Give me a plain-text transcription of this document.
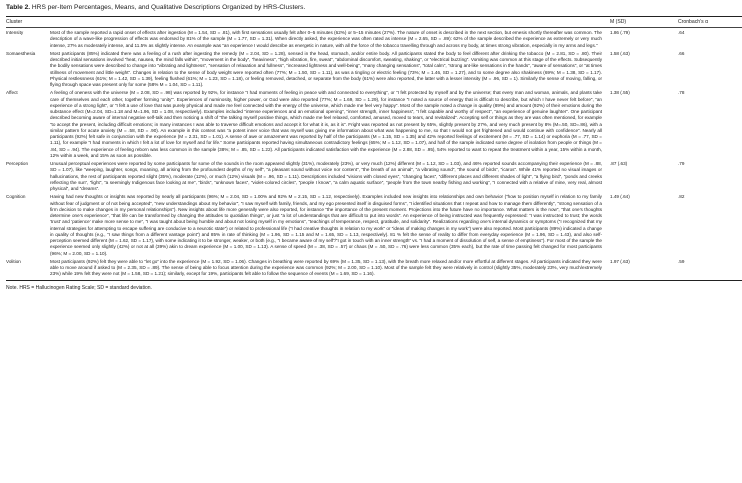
Table 2. HRS per-Item Percentages, Means, and Qualitative Descriptions Organized by HRS-Clusters.
Cluster		M (SD)	Cronbach’s α
Intensity	Most of the sample reported a rapid onset of effects after ingestion (M = 1.54, SD = .81), with first sensations usually felt after 0–5 minutes (62%) or 5–15 minutes (27%). The nature of onset is described in the next section, but emesis shortly thereafter was common. The description of a wave-like progression of effects was endorsed by 81% of the sample (M = 1.77, SD = 1.31). When directly asked, the experience was often rated as intense (M = 2.65, SD = .89): 62% of the sample described the experience as extremely or very much intense, 27% as moderately intense, and 11.5% as slightly intense. An example was “an experience I would describe as energetic in nature, with all the force of the tobacco travelling through and across my body, at times strong vibration, especially in my arms and legs.”	1.86 (.79)	.64
Somaesthesia	Most participants (85%) indicated there was a feeling of a rush after ingesting the remedy (M = 2.04, SD = 1.28), sensed in the head, stomach, and/or entire body. All participants stated the body to feel different after drinking the tobacco (M = 2.81, SD = .80). Their described initial sensations involved “heat, nausea, the mind falls within”, “movement in the body”, “heaviness”, “high vibration, fire, sweat”, “abdominal discomfort, sweating, shaking”, or “electrical buzzing”. Vomiting was common at this stage of the effects. Subsequently the bodily sensations were described to change into “vibrating and lightness”, “sensation of relaxation and fullness”, “increased lightness and well-being”, “many changing sensations”, “total calm”, “strong ant-like sensations in the hands”, “aware of sensations”, or “at times stillness of movement and little weight”. Changes in relation to the sense of body weight were reported often (77%; M = 1.50, SD = 1.11), as was a tingling or electric feeling (73%; M = 1.46, SD = 1.27), and to some degree also shakiness (69%; M = 1.38, SD = 1.17). Physical restlessness (61%; M = 1.42, SD = 1.39), feeling flushed (61%; M = 1.23, SD = 1.18), or feeling removed, detached, or separate from the body (61%) were also reported, the latter with a lesser intensity (M = .96, SD = 1). Similarly the sense of moving, falling, or flying through space was present only for some (58% M = 1.04, SD = 1.11).	1.58 (.63)	.66
Affect	A feeling of oneness with the universe (M = 2.08, SD = .98) was reported by 92%, for instance “I had moments of feeling in peace with and connected to everything”, or “I felt protected by myself and by the universe; that every man and woman, animals, and plants take care of themselves and each other, together forming ‘unity’”. Experiences of numinosity, higher power, or God were also reported (77%; M = 1.69, SD = 1.29), for instance “I noted a source of energy that is difficult to describe, but which I have never felt before”, “an experience of a strong light”, or “I felt a use of love that was purely physical and made me feel connected with the energy of the universe, which made me feel very happy”. Most of the sample noted a change in quality (89%) and amount (92%) of their emotions during the substance effect (M=2.04, SD=1.18 and M=1.96, SD = 1.08, respectively). Examples included “intense experiences and an emotional opening”, “inner strength, inner happiness”, “I felt capable and worthy of respect”, “an experience of genuine laughter”. One participant described becoming aware of internal negative self-talk and then noticing a shift of “the talking myself positive things, which made me feel relaxed, comforted, amused, moved to tears, and revitalized”. Accepting self or things as they are was often mentioned, for example “to accept the present, including difficult emotions; in many instances I was able to traverse difficult emotions and accept it for what it is, as it is”. Fright was reported as not present by 65%, slightly present by 27%, and very much present by 8% (M=.50, SD=.86), with a similar pattern for acute anxiety (M = .58, SD = .90). An example in this context was “a potent inner voice that was myself was giving me information about what was happening to me, so that I would not get frightened and would continue with confidence”. Nearly all participants (92%) felt safe in conjunction with the experience (M = 2.31, SD = 1.01). A sense of awe or amazement was reported by half of the participants (M = 1.15, SD = 1.35) and 42% reported feelings of excitement (M = .77, SD = 1.14) or euphoria (M = .77, SD = 1.11), for example “I had moments in which I felt a lot of love for myself and for life.” Some participants reported having simultaneous contradictory feelings (65%; M = 1.12, SD = 1.07), and half of the sample indicated some degree of isolation from people or things (M = .84, SD = .94). The experience of feeling reborn was less common in the sample (38%; M = .85, SD = 1.22). All participants indicated satisfaction with the experience (M = 2.88, SD = .95), 54% reported to want to repeat the treatment within a year, 15% within a month, 12% within a week, and 15% as soon as possible.	1.38 (.55)	.78
Perception	Unusual perceptual experiences were reported by some participants for some of the sounds in the room appeared slightly (31%), moderately (23%), or very much (12%) different (M = 1.12, SD = 1.03), and 46% reported sounds accompanying their experience (M = .88, SD = 1.07), like “weeping, laughter, songs, moaning, all arising from the profoundest depths of my self”, “a pleasant sound without voice nor content”, “the breath of an animal”, “a vibrating sound”, “the sound of birds”, “icaros”. While 41% reported no visual images or hallucinations, the rest of participants reported slight (35%), moderate (12%), or much (12%) visuals (M = .96, SD = 1.11). Descriptions included “visions with closed eyes”, “changing faces”, “different places and different shades of light”, “a flying bird”, “ponds and creeks reflecting the sun”, “light”, “a seemingly Indigenous face looking at me”, “birds”, “unknown faces”, “violet-colored circles”, “people I know”, “a calm aquatic surface”, “people from the town nearby fishing and working”, “I connected with a relative of mine, very real, almost physical”, and “dreams”.	.87 (.63)	.79
Cognition	Having had new thoughts or insights was reported by nearly all participants (96%; M = 2.04, SD = 1.00% and 92% M = 2.15, SD = 1.12, respectively). Examples included new insights into relationships and own behavior (“how to position myself in relation to my family without fear of judgment or of not being accepted”, “new understandings about my behavior”, “I saw myself with family, friends, and my ego presented itself in disguised forms”, “I identified situations that I repeat and how to manage them differently”, “strong sensation of a firm decision to make changes in my personal relationships”). New insights about life more generally were also reported, for instance “the importance of the present moment. Projections into the future have no importance. What matters is the now”, “that one’s thoughts determine one’s experience”, “that life can be transformed by changing the attitudes to quotidian things”, or just “a lot of understandings that are difficult to put into words”. An experience of being instructed was frequently expressed: “I was instructed to trust; the words ‘trust’ and ‘patience’ make more sense to me”, “I was taught about being humble and about not losing myself in my emotions”, “teachings of temperance, respect, gratitude, and solidarity”. Realizations regarding one’s internal dynamics or symptoms (“I recognized that my internal strategies for attempting to escape suffering are conducive to a neurotic state”) or related to professional life (“I had creative thoughts in relation to my work” or “ideas of making changes in my work”) were also reported. Most participants (89%) indicated a change in quality of thoughts (e.g., “I saw things from a different vantage point”) and 85% in rate of thinking (M = 1.96, SD = 1.15 and M = 1.65, SD = 1.13, respectively). 81 % felt the sense of reality to differ from everyday experience (M = 1.96, SD = 1.43), and also self-perception seemed different (M = 1.62, SD = 1.17), with some indicating it to be stronger, weaker, or both (e.g., “I became aware of my self”/“I got in touch with an inner strength” vs. “I had a moment of dissolution of self, a sense of emptiness”). For most of the sample the experience seemed only slightly (42%) or not at all (39%) akin to dream experience (M = 1.00, SD = 1.13). A sense of speed (M = .38, SD = .57) or chaos (M = .50, SD = .76) were less common (35% each), but the rate of time passing felt changed for most participants (96%; M = 2.00, SD = 1.10).	1.49 (.64)	.82
Volition	Most participants (92%) felt they were able to “let go” into the experience (M = 1.92, SD = 1.06). Changes in breathing were reported by 69% (M = 1.35, SD = 1.13), with the breath more relaxed and/or more effortful at different stages. All participants indicated they were able to move around if asked to (M = 2.35, SD = .89). The sense of being able to focus attention during the experience was common (92%; M = 2.00, SD = 1.10). Most of the sample felt they were relatively in control (slightly 35%, moderately 23%, very much/extremely 23%) while 19% felt they were not (M = 1.58, SD = 1.21); similarly, except for 19%, participants felt able to follow the sequence of events (M = 1.69, SD = 1.16).	1.97 (.63)	.59
Note. HRS = Hallucinogen Rating Scale; SD = standard deviation.
